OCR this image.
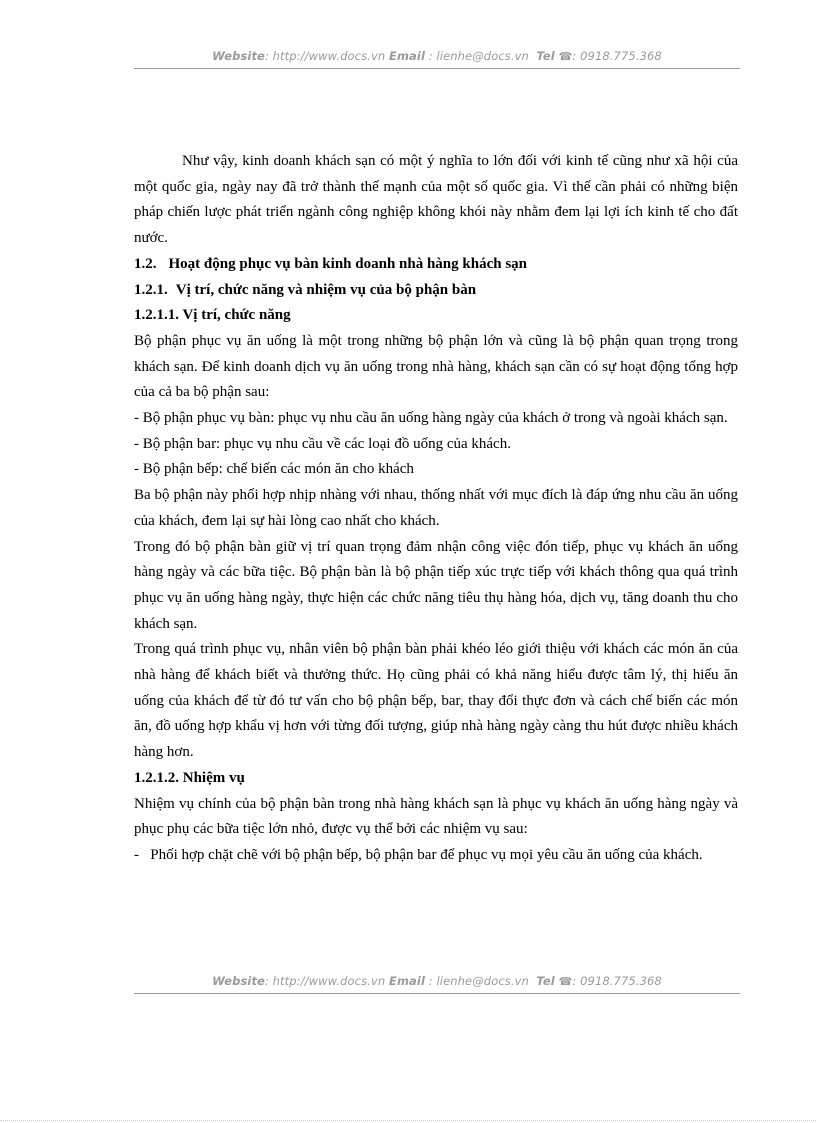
Website: http://www.docs.vn Email : lienhe@docs.vn Tel ☎: 0918.775.368

Như vậy, kinh doanh khách sạn có một ý nghĩa to lớn đối với kinh tế cũng như xã hội của một quốc gia, ngày nay đã trở thành thế mạnh của một số quốc gia. Vì thế cần phải có những biện pháp chiến lược phát triển ngành công nghiệp không khói này nhằm đem lại lợi ích kinh tế cho đất nước.

1.2. Hoạt động phục vụ bàn kinh doanh nhà hàng khách sạn
1.2.1. Vị trí, chức năng và nhiệm vụ của bộ phận bàn
1.2.1.1. Vị trí, chức năng

Bộ phận phục vụ ăn uống là một trong những bộ phận lớn và cũng là bộ phận quan trọng trong khách sạn. Để kinh doanh dịch vụ ăn uống trong nhà hàng, khách sạn cần có sự hoạt động tổng hợp của cả ba bộ phận sau:

- Bộ phận phục vụ bàn: phục vụ nhu cầu ăn uống hàng ngày của khách ở trong và ngoài khách sạn.

- Bộ phận bar: phục vụ nhu cầu về các loại đồ uống của khách.

- Bộ phận bếp: chế biến các món ăn cho khách

Ba bộ phận này phối hợp nhịp nhàng với nhau, thống nhất với mục đích là đáp ứng nhu cầu ăn uống của khách, đem lại sự hài lòng cao nhất cho khách.

Trong đó bộ phận bàn giữ vị trí quan trọng đảm nhận công việc đón tiếp, phục vụ khách ăn uống hàng ngày và các bữa tiệc. Bộ phận bàn là bộ phận tiếp xúc trực tiếp với khách thông qua quá trình phục vụ ăn uống hàng ngày, thực hiện các chức năng tiêu thụ hàng hóa, dịch vụ, tăng doanh thu cho khách sạn.

Trong quá trình phục vụ, nhân viên bộ phận bàn phải khéo léo giới thiệu với khách các món ăn của nhà hàng để khách biết và thưởng thức. Họ cũng phải có khả năng hiểu được tâm lý, thị hiếu ăn uống của khách để từ đó tư vấn cho bộ phận bếp, bar, thay đổi thực đơn và cách chế biến các món ăn, đồ uống hợp khẩu vị hơn với từng đối tượng, giúp nhà hàng ngày càng thu hút được nhiều khách hàng hơn.

1.2.1.2. Nhiệm vụ

Nhiệm vụ chính của bộ phận bàn trong nhà hàng khách sạn là phục vụ khách ăn uống hàng ngày và phục phụ các bữa tiệc lớn nhỏ, được vụ thể bởi các nhiệm vụ sau:

-   Phối hợp chặt chẽ với bộ phận bếp, bộ phận bar để phục vụ mọi yêu cầu ăn uống của khách.

Website: http://www.docs.vn Email : lienhe@docs.vn Tel ☎: 0918.775.368
